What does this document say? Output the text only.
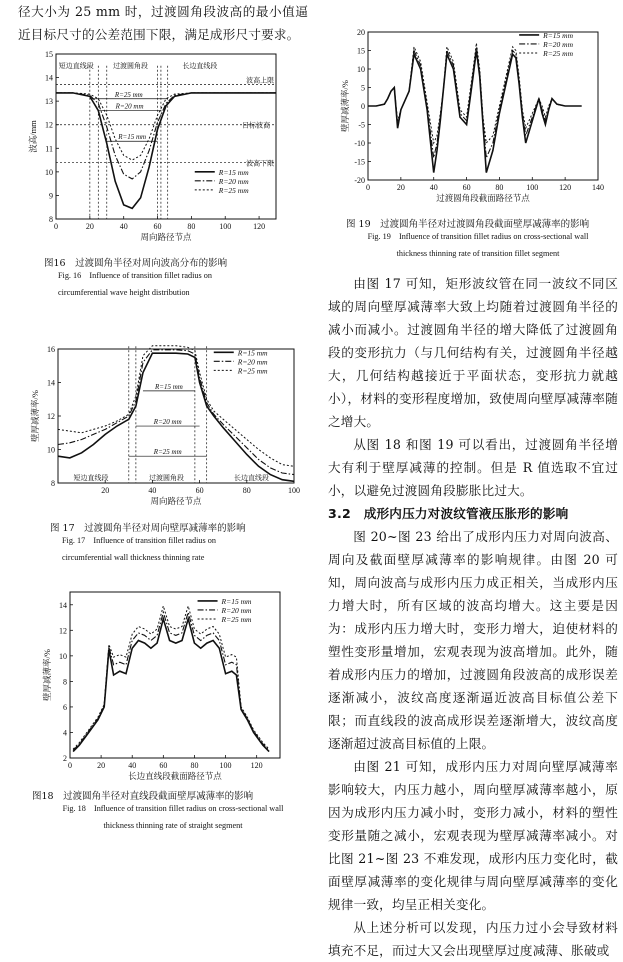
径大小为 25 mm 时，过渡圆角段波高的最小值逼近目标尺寸的公差范围下限，满足成形尺寸要求。
0	20	40	60	80	100	120
8
9
10
11
12
13
14
15
周向路径节点
波高/mm
波高上限
目标波高
波高下限
短边直线段	过渡圆角段	长边直线段
R=25 mm
R=20 mm
R=15 mm
R=15 mm
R=20 mm
R=25 mm
图16　过渡圆角半径对周向波高分布的影响
Fig. 16　Influence of transition fillet radius on
circumferential wave height distribution
20	40	60	80	100
8
10
12
14
16
周向路径节点
壁厚减薄率/%
R=15 mm
R=20 mm
R=25 mm
短边直线段	过渡圆角段	长边直线段
R=15 mm
R=20 mm
R=25 mm
图 17　过渡圆角半径对周向壁厚减薄率的影响
Fig. 17　Influence of transition fillet radius on
circumferential wall thickness thinning rate
0	20	40	60	80	100 120
2
4
6
8
10
12
14
长边直线段截面路径节点
壁厚减薄率/%
R=15 mm
R=20 mm
R=25 mm
图18　过渡圆角半径对直线段截面壁厚减薄率的影响
Fig. 18　Influence of transition fillet radius on cross-sectional wall
thickness thinning rate of straight segment
0	20	40	60	80	100	120	140
-20
-15
-10
-5
0
5
10
15
20
过渡圆角段截面路径节点
壁厚减薄率/%
R=15 mm
R=20 mm
R=25 mm
图 19　过渡圆角半径对过渡圆角段截面壁厚减薄率的影响
Fig. 19　Influence of transition fillet radius on cross-sectional wall
thickness thinning rate of transition fillet segment
由图 17 可知，矩形波纹管在同一波纹不同区域的周向壁厚减薄率大致上均随着过渡圆角半径的减小而减小。过渡圆角半径的增大降低了过渡圆角段的变形抗力（与几何结构有关，过渡圆角半径越大，几何结构越接近于平面状态，变形抗力就越小），材料的变形程度增加，致使周向壁厚减薄率随之增大。
从图 18 和图 19 可以看出，过渡圆角半径增大有利于壁厚减薄的控制。但是 R 值选取不宜过小，以避免过渡圆角段膨胀比过大。
3.2　成形内压力对波纹管液压胀形的影响
图 20~图 23 给出了成形内压力对周向波高、周向及截面壁厚减薄率的影响规律。由图 20 可知，周向波高与成形内压力成正相关，当成形内压力增大时，所有区域的波高均增大。这主要是因为：成形内压力增大时，变形力增大，迫使材料的塑性变形量增加，宏观表现为波高增加。此外，随着成形内压力的增加，过渡圆角段波高的成形误差逐渐减小，波纹高度逐渐逼近波高目标值公差下限；而直线段的波高成形误差逐渐增大，波纹高度逐渐超过波高目标值的上限。
由图 21 可知，成形内压力对周向壁厚减薄率影响较大，内压力越小，周向壁厚减薄率越小，原因为成形内压力减小时，变形力减小，材料的塑性变形量随之减小，宏观表现为壁厚减薄率减小。对比图 21~图 23 不难发现，成形内压力变化时，截面壁厚减薄率的变化规律与周向壁厚减薄率的变化规律一致，均呈正相关变化。
从上述分析可以发现，内压力过小会导致材料填充不足，而过大又会出现壁厚过度减薄、胀破或
